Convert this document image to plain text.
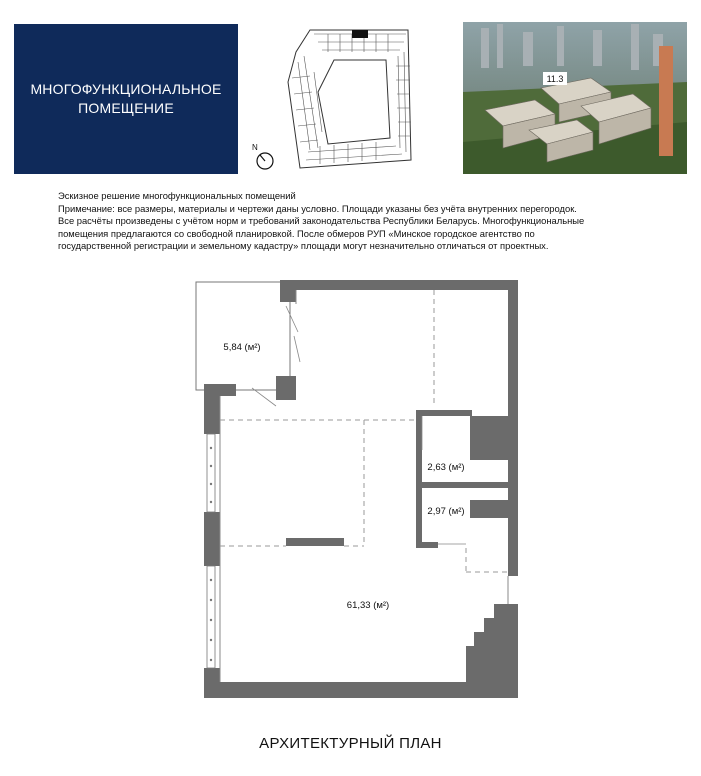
МНОГОФУНКЦИОНАЛЬНОЕ
ПОМЕЩЕНИЕ
N
11.3

Эскизное решение многофункциональных помещений

Примечание: все размеры, материалы и чертежи даны условно. Площади указаны без учёта внутренних перегородок.

Все расчёты произведены с учётом норм и требований законодательства Республики Беларусь. Многофункциональные

помещения предлагаются со свободной планировкой. После обмеров РУП «Минское городское агентство по

государственной регистрации и земельному кадастру» площади могут незначительно отличаться от проектных.

5,84 (м²)
2,63 (м²)
2,97 (м²)
61,33 (м²)
АРХИТЕКТУРНЫЙ ПЛАН
